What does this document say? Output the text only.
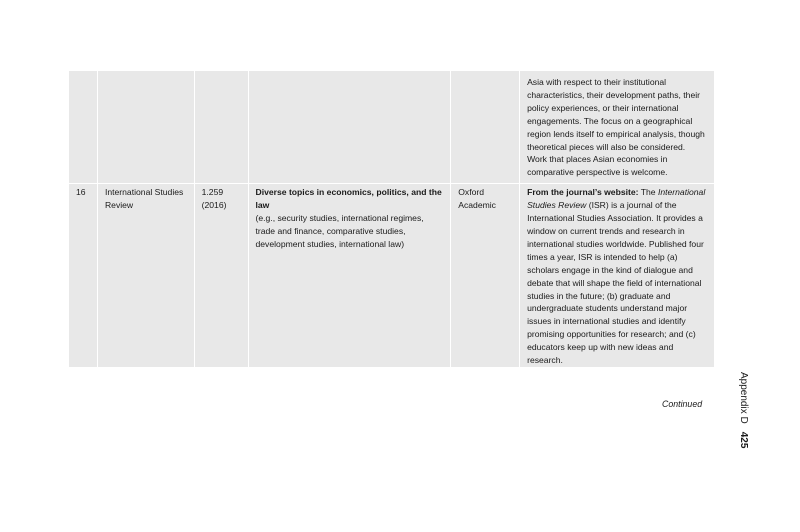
					Asia with respect to their institutional characteristics, their development paths, their policy experiences, or their international engagements. The focus on a geographical region lends itself to empirical analysis, though theoretical pieces will also be considered. Work that places Asian economies in comparative perspective is welcome.
16	International Studies Review	1.259 (2016)	Diverse topics in economics, politics, and the law
(e.g., security studies, international regimes, trade and finance, comparative studies, development studies, international law)	Oxford Academic	From the journal’s website: The International Studies Review (ISR) is a journal of the International Studies Association. It provides a window on current trends and research in international studies worldwide. Published four times a year, ISR is intended to help (a) scholars engage in the kind of dialogue and debate that will shape the field of international studies in the future; (b) graduate and undergraduate students understand major issues in international studies and identify promising opportunities for research; and (c) educators keep up with new ideas and research.
Continued	Appendix D425
